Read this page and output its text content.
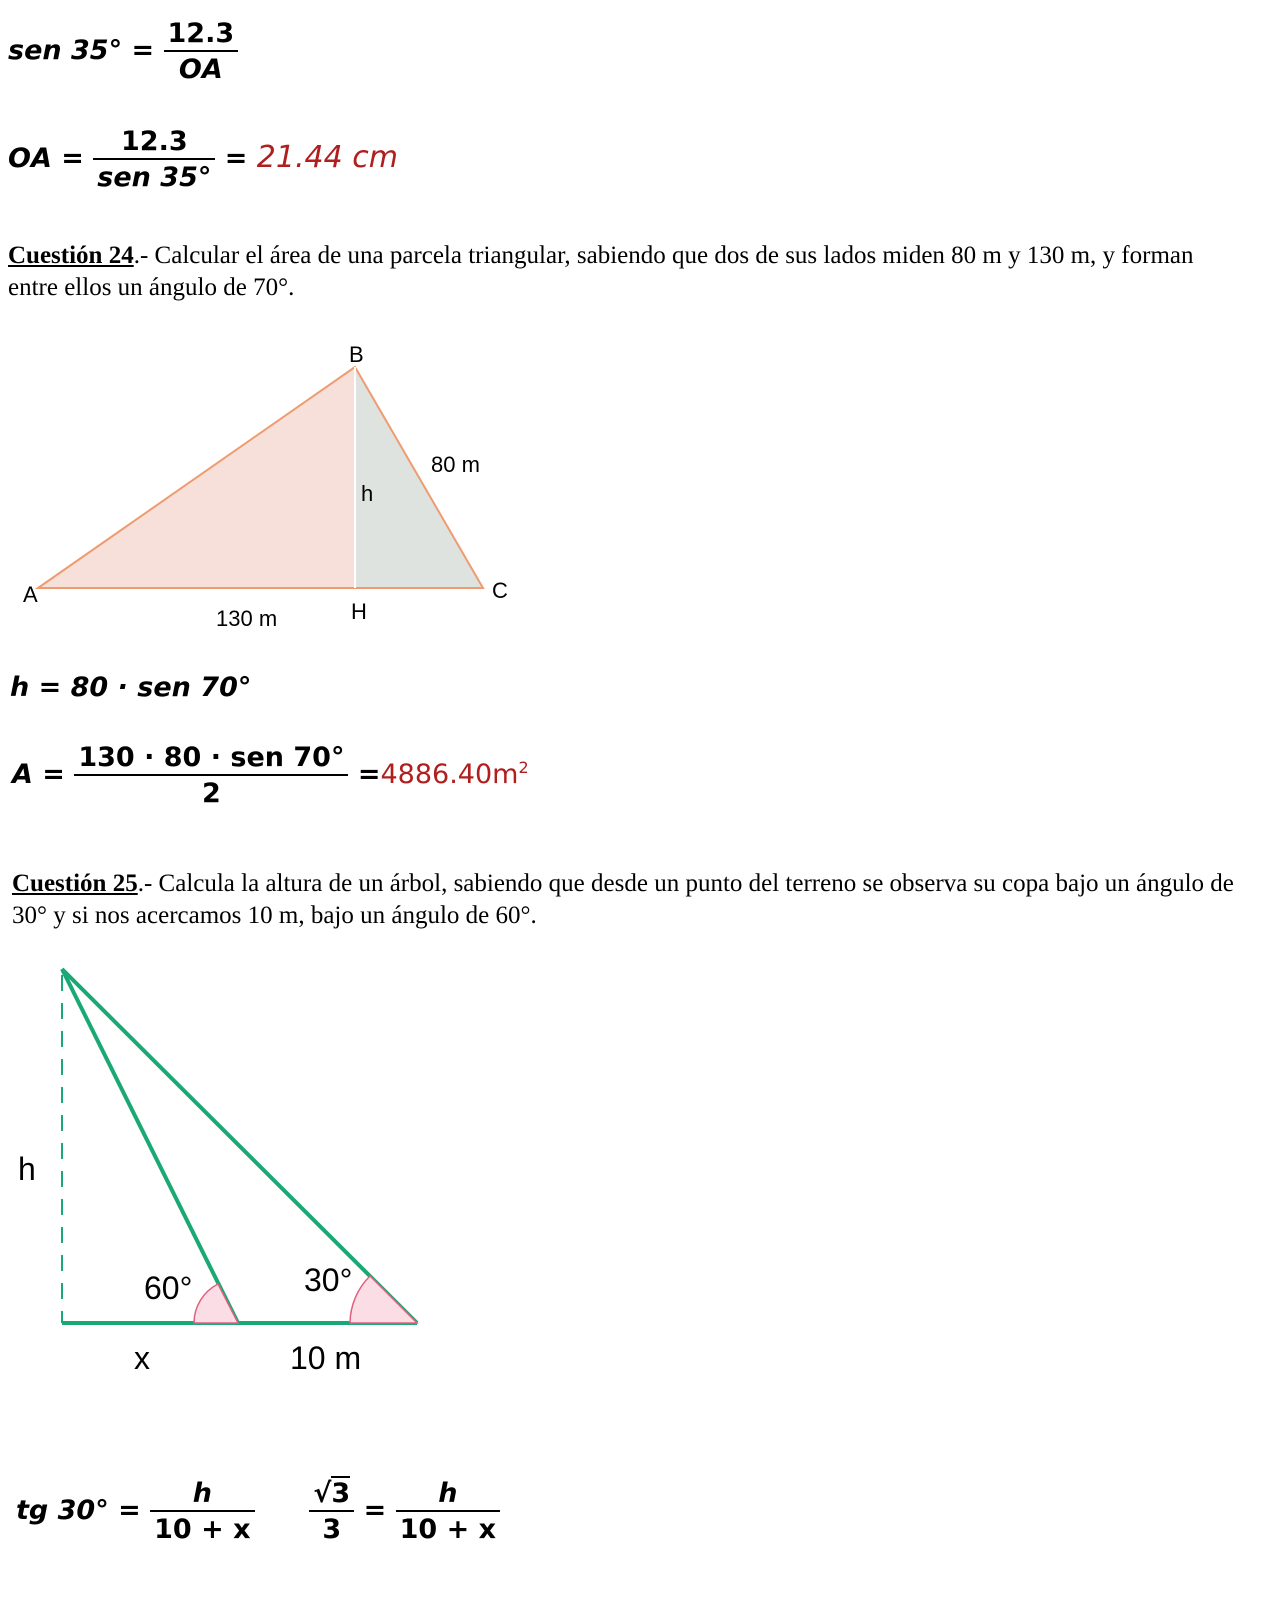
sen $35^\circ = \frac{12.3}{OA}$
OA = $\frac{12.3}{\text{sen 35°}} = 21.44$ cm
Cuestión 24.- Calcular el área de una parcela triangular, sabiendo que dos de sus lados miden 80 m y 130 m, y forman entre ellos un ángulo de 70°.
B
A	C
H
h
80 m
130 m
h = 80 · sen 70°
$A = \frac{\text{130 · 80 · sen 70°}}{2} =4886.40m^2$
Cuestión 25.- Calcula la altura de un árbol, sabiendo que desde un punto del terreno se observa su copa bajo un ángulo de 30° y si nos acercamos 10 m, bajo un ángulo de 60°.
h
60°	30°
x	10 m
tg $30^\circ = \frac{h}{10 + x}$
$\frac{√3}{3} = \frac{h}{10 + x}$
